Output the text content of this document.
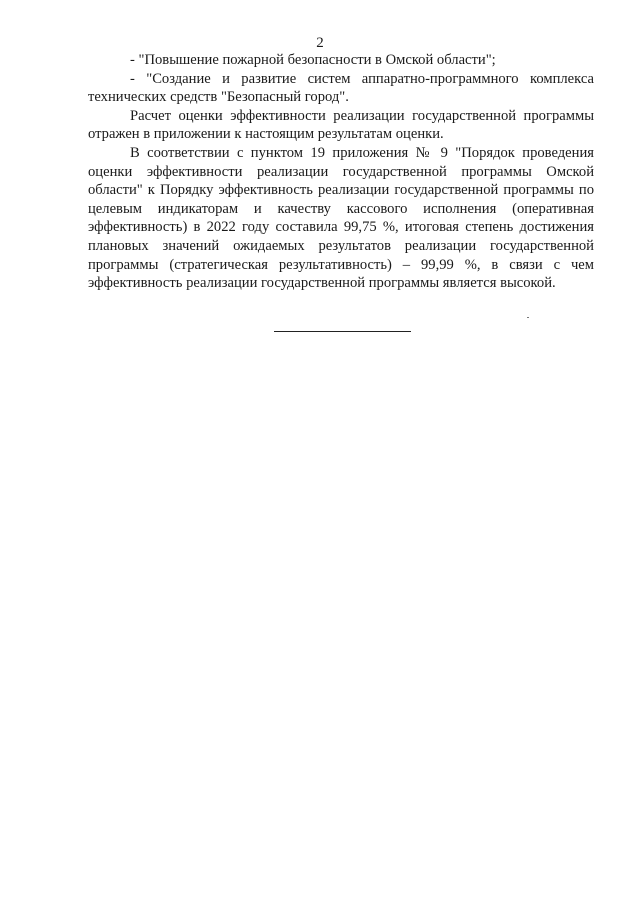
2

- "Повышение пожарной безопасности в Омской области";

- "Создание и развитие систем аппаратно-программного комплекса технических средств "Безопасный город".

Расчет оценки эффективности реализации государственной программы отражен в приложении к настоящим результатам оценки.

В соответствии с пунктом 19 приложения № 9 "Порядок проведения оценки эффективности реализации государственной программы Омской области" к Порядку эффективность реализации государственной программы по целевым индикаторам и качеству кассового исполнения (оперативная эффективность) в 2022 году составила 99,75 %, итоговая степень достижения плановых значений ожидаемых результатов реализации государственной программы (стратегическая результативность) – 99,99 %, в связи с чем эффективность реализации государственной программы является высокой.
